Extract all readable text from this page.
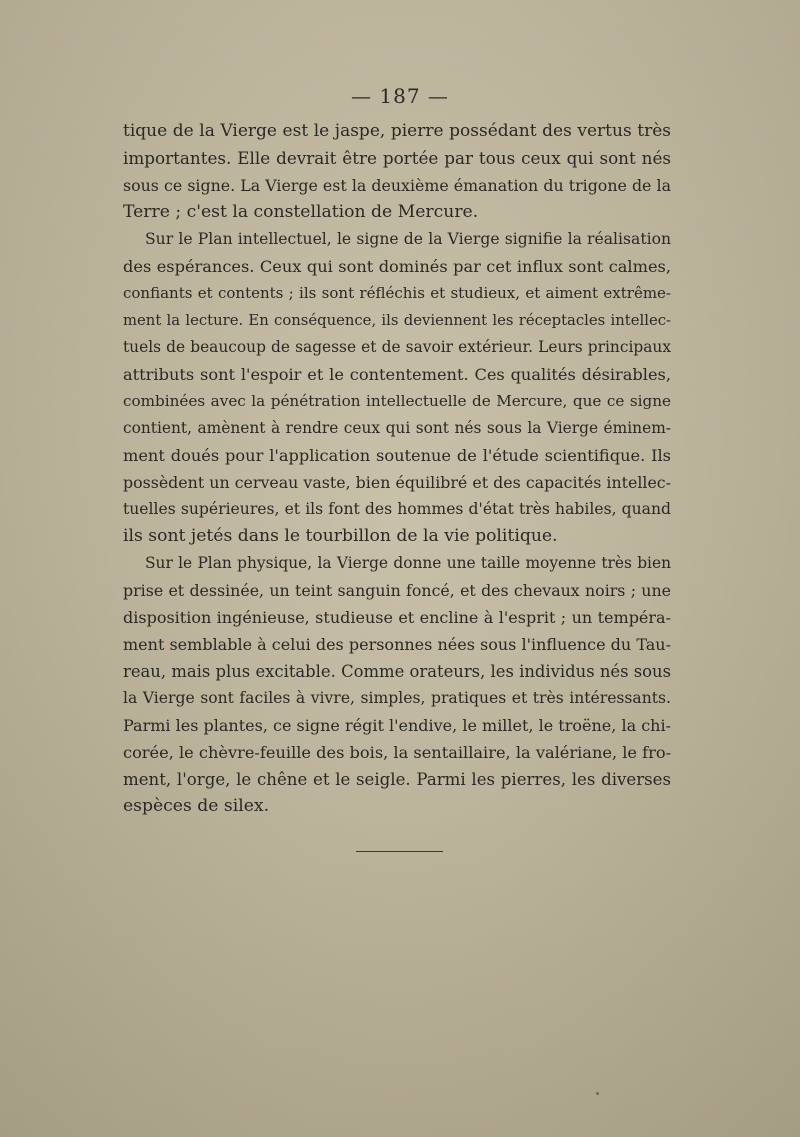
— 187 —
tique de la Vierge est le jaspe, pierre possédant des vertus très
importantes. Elle devrait être portée par tous ceux qui sont nés
sous ce signe. La Vierge est la deuxième émanation du trigone de la
Terre ; c'est la constellation de Mercure.
Sur le Plan intellectuel, le signe de la Vierge signifie la réalisation
des espérances. Ceux qui sont dominés par cet influx sont calmes,
confiants et contents ; ils sont réfléchis et studieux, et aiment extrême-
ment la lecture. En conséquence, ils deviennent les réceptacles intellec-
tuels de beaucoup de sagesse et de savoir extérieur. Leurs principaux
attributs sont l'espoir et le contentement. Ces qualités désirables,
combinées avec la pénétration intellectuelle de Mercure, que ce signe
contient, amènent à rendre ceux qui sont nés sous la Vierge éminem-
ment doués pour l'application soutenue de l'étude scientifique. Ils
possèdent un cerveau vaste, bien équilibré et des capacités intellec-
tuelles supérieures, et ils font des hommes d'état très habiles, quand
ils sont jetés dans le tourbillon de la vie politique.
Sur le Plan physique, la Vierge donne une taille moyenne très bien
prise et dessinée, un teint sanguin foncé, et des chevaux noirs ; une
disposition ingénieuse, studieuse et encline à l'esprit ; un tempéra-
ment semblable à celui des personnes nées sous l'influence du Tau-
reau, mais plus excitable. Comme orateurs, les individus nés sous
la Vierge sont faciles à vivre, simples, pratiques et très intéressants.
Parmi les plantes, ce signe régit l'endive, le millet, le troëne, la chi-
corée, le chèvre-feuille des bois, la sentaillaire, la valériane, le fro-
ment, l'orge, le chêne et le seigle. Parmi les pierres, les diverses
espèces de silex.
